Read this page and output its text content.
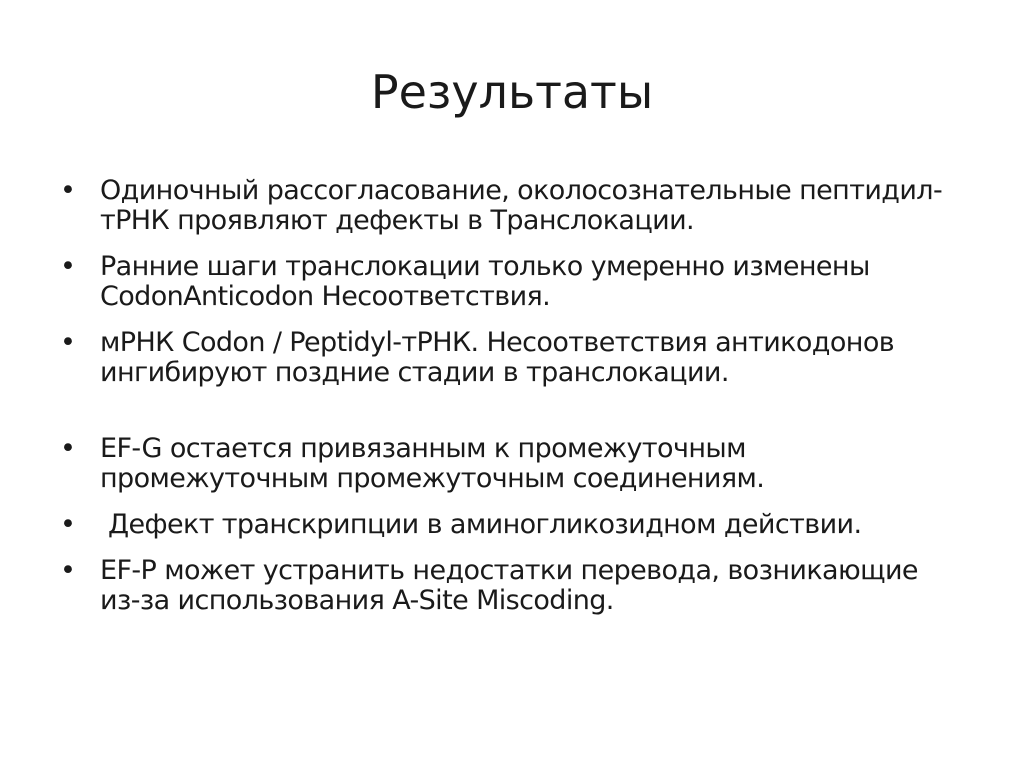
Результаты
• Одиночный рассогласование, околосознательные пептидил-тРНК проявляют дефекты в Транслокации.
• Ранние шаги транслокации только умеренно изменены CodonAnticodon Несоответствия.
• мРНК Codon / Peptidyl-тРНК. Несоответствия антикодонов ингибируют поздние стадии в транслокации.
• EF-G остается привязанным к промежуточным промежуточным промежуточным соединениям.
• Дефект транскрипции в аминогликозидном действии.
• EF-P может устранить недостатки перевода, возникающие из-за использования A-Site Miscoding.
